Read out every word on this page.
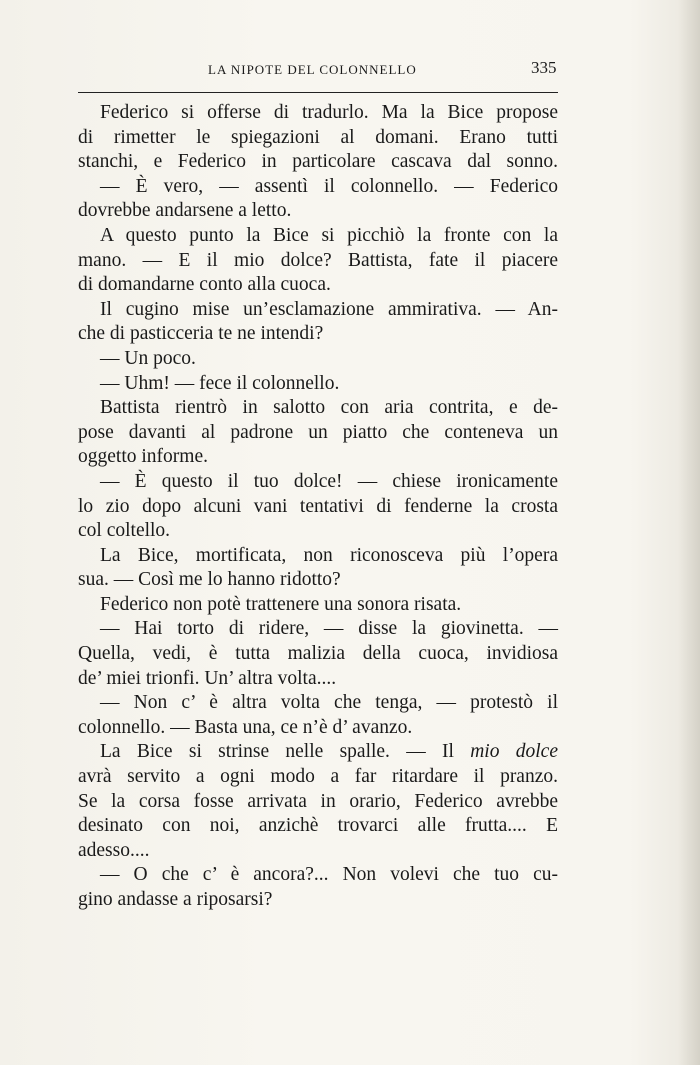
LA NIPOTE DEL COLONNELLO	335
Federico si offerse di tradurlo. Ma la Bice propose
di rimetter le spiegazioni al domani. Erano tutti
stanchi, e Federico in particolare cascava dal sonno.
— È vero, — assentì il colonnello. — Federico
dovrebbe andarsene a letto.
A questo punto la Bice si picchiò la fronte con la
mano. — E il mio dolce? Battista, fate il piacere
di domandarne conto alla cuoca.
Il cugino mise un’esclamazione ammirativa. — An-
che di pasticceria te ne intendi?
— Un poco.
— Uhm! — fece il colonnello.
Battista rientrò in salotto con aria contrita, e de-
pose davanti al padrone un piatto che conteneva un
oggetto informe.
— È questo il tuo dolce! — chiese ironicamente
lo zio dopo alcuni vani tentativi di fenderne la crosta
col coltello.
La Bice, mortificata, non riconosceva più l’opera
sua. — Così me lo hanno ridotto?
Federico non potè trattenere una sonora risata.
— Hai torto di ridere, — disse la giovinetta. —
Quella, vedi, è tutta malizia della cuoca, invidiosa
de’ miei trionfi. Un’ altra volta....
— Non c’ è altra volta che tenga, — protestò il
colonnello. — Basta una, ce n’è d’ avanzo.
La Bice si strinse nelle spalle. — Il mio dolce
avrà servito a ogni modo a far ritardare il pranzo.
Se la corsa fosse arrivata in orario, Federico avrebbe
desinato con noi, anzichè trovarci alle frutta.... E
adesso....
— O che c’ è ancora?... Non volevi che tuo cu-
gino andasse a riposarsi?
